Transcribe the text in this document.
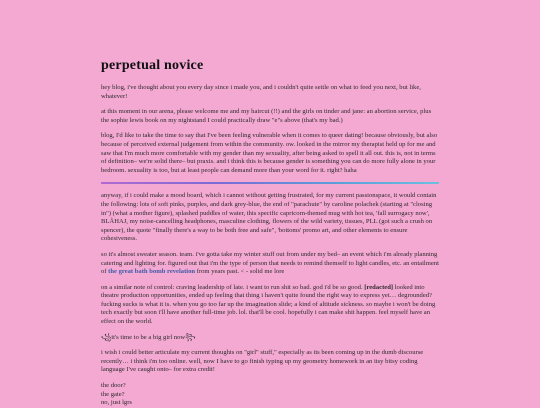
perpetual novice

hey blog, i've thought about you every day since i made you, and i couldn't quite settle on what to feed you next, but like, whatever!

at this moment in our arena, please welcome me and my haircut (!!) and the girls on tinder and jane: an abortion service, plus the sophie lewis book on my nightstand I could practically draw "e"s above (that's my bad.)

blog, I'd like to take the time to say that I've been feeling vulnerable when it comes to queer dating! because obviously, but also because of perceived external judgement from within the community. ow. looked in the mirror my therapist held up for me and saw that I'm much more comfortable with my gender than my sexuality, after being asked to spell it all out. this is, not in terms of definition– we're solid there– but praxis. and i think this is because gender is something you can do more fully alone in your bedroom. sexuality is too, but at least people can demand more than your word for it. right? haha

anyway, if i could make a mood board, which i cannot without getting frustrated, for my current passionspace, it would contain the following: lots of soft pinks, purples, and dark grey-blue, the end of "parachute" by caroline polachek (starting at "closing in") (what a mother figure), splashed puddles of water, this specific capricorn-themed mug with hot tea, 'fall surrogacy now', BLÅHAJ, my noise-cancelling headphones, masculine clothing, flowers of the wild variety, tissues, PLL (got such a crush on spencer), the quote "finally there's a way to be both free and safe", 'bottoms' promo art, and other elements to ensure cohesiveness.

so it's almost sweater season. team. i've gotta take my winter stuff out from under my bed– an event which i'm already planning catering and lighting for. figured out that i'm the type of person that needs to remind themself to light candles, etc. an entailment of the great bath bomb revelation from years past. < - solid me lore

on a similar note of control: craving leadership of late. i want to run shit so bad. god i'd be so good. [redacted] looked into theatre production opportunities, ended up feeling that thing i haven't quite found the right way to express yet… degrounded? fucking sucks is what it is. when you go too far up the imagination slide; a kind of altitude sickness. so maybe i won't be doing tech exactly but soon i'll have another full-time job. lol. that'll be cool. hopefully i can make shit happen. feel myself have an effect on the world.

꧁it's time to be a big girl now꧂

i wish i could better articulate my current thoughts on "girl" stuff," especially as its been coming up in the dumb discourse recently… i think i'm too online. well, now I have to go finish typing up my geometry homework in an itsy bitsy coding language I've caught onto– for extra credit!

the door?

the gate?

no, just lgrs
